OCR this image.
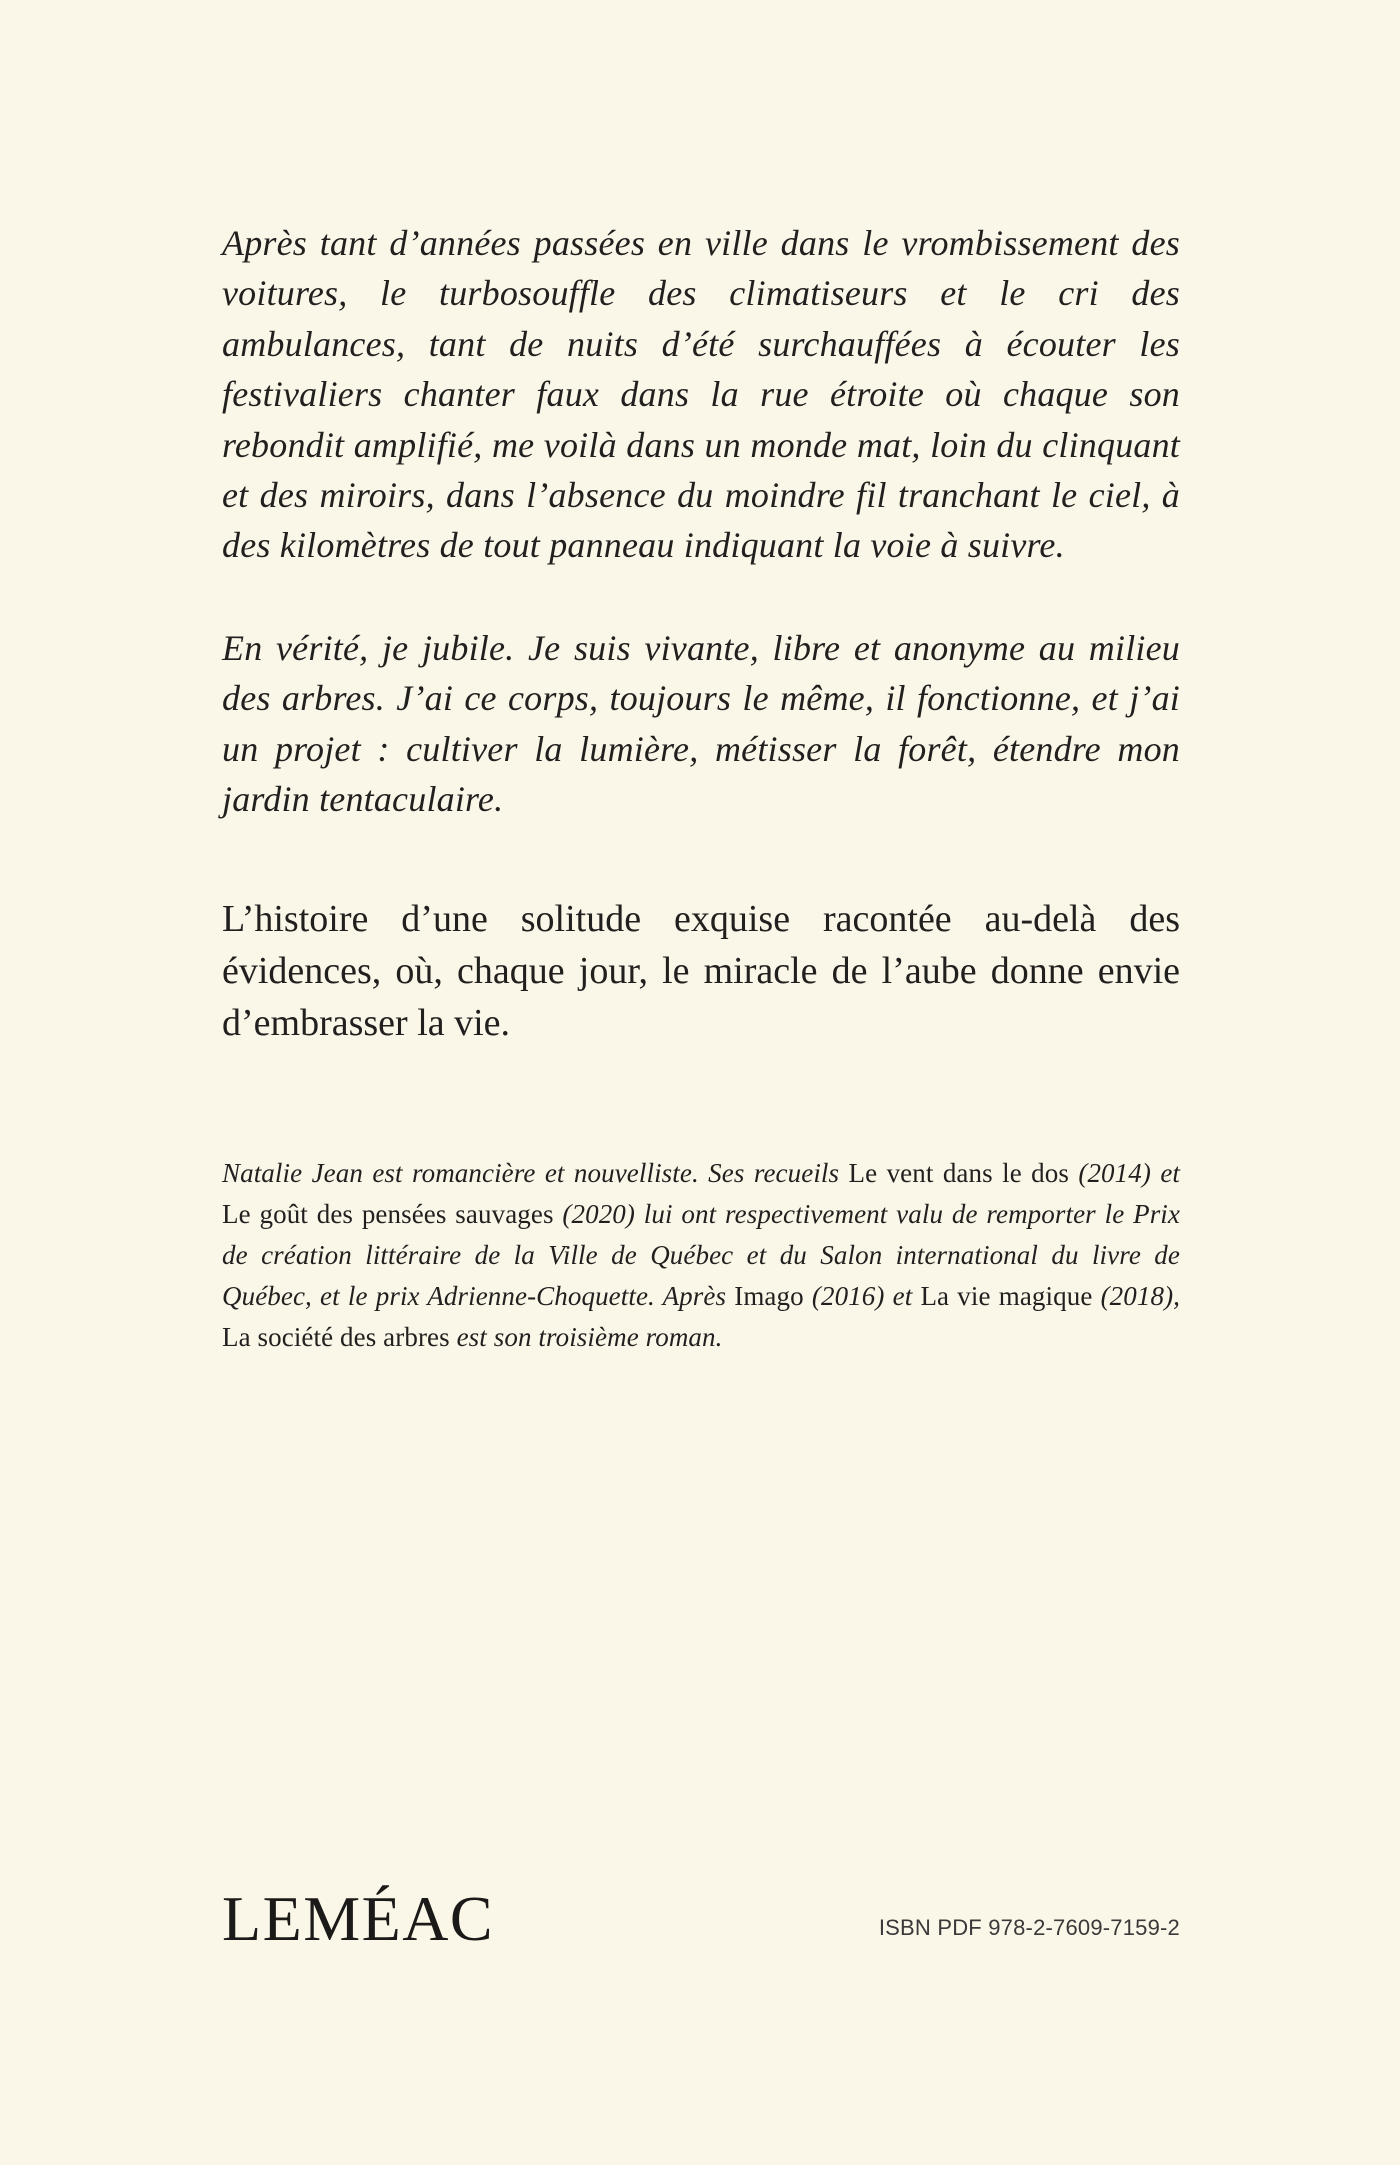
Après tant d’années passées en ville dans le vrombissement des voitures, le turbosouffle des climatiseurs et le cri des ambulances, tant de nuits d’été surchauffées à écouter les festivaliers chanter faux dans la rue étroite où chaque son rebondit amplifié, me voilà dans un monde mat, loin du clinquant et des miroirs, dans l’absence du moindre fil tranchant le ciel, à des kilomètres de tout panneau indiquant la voie à suivre.

En vérité, je jubile. Je suis vivante, libre et anonyme au milieu des arbres. J’ai ce corps, toujours le même, il fonctionne, et j’ai un projet : cultiver la lumière, métisser la forêt, étendre mon jardin tentaculaire.

L’histoire d’une solitude exquise racontée au-delà des évidences, où, chaque jour, le miracle de l’aube donne envie d’embrasser la vie.

Natalie Jean est romancière et nouvelliste. Ses recueils Le vent dans le dos (2014) et Le goût des pensées sauvages (2020) lui ont respectivement valu de remporter le Prix de création littéraire de la Ville de Québec et du Salon international du livre de Québec, et le prix Adrienne-Choquette. Après Imago (2016) et La vie magique (2018), La société des arbres est son troisième roman.

LEMÉAC	ISBN PDF 978-2-7609-7159-2
